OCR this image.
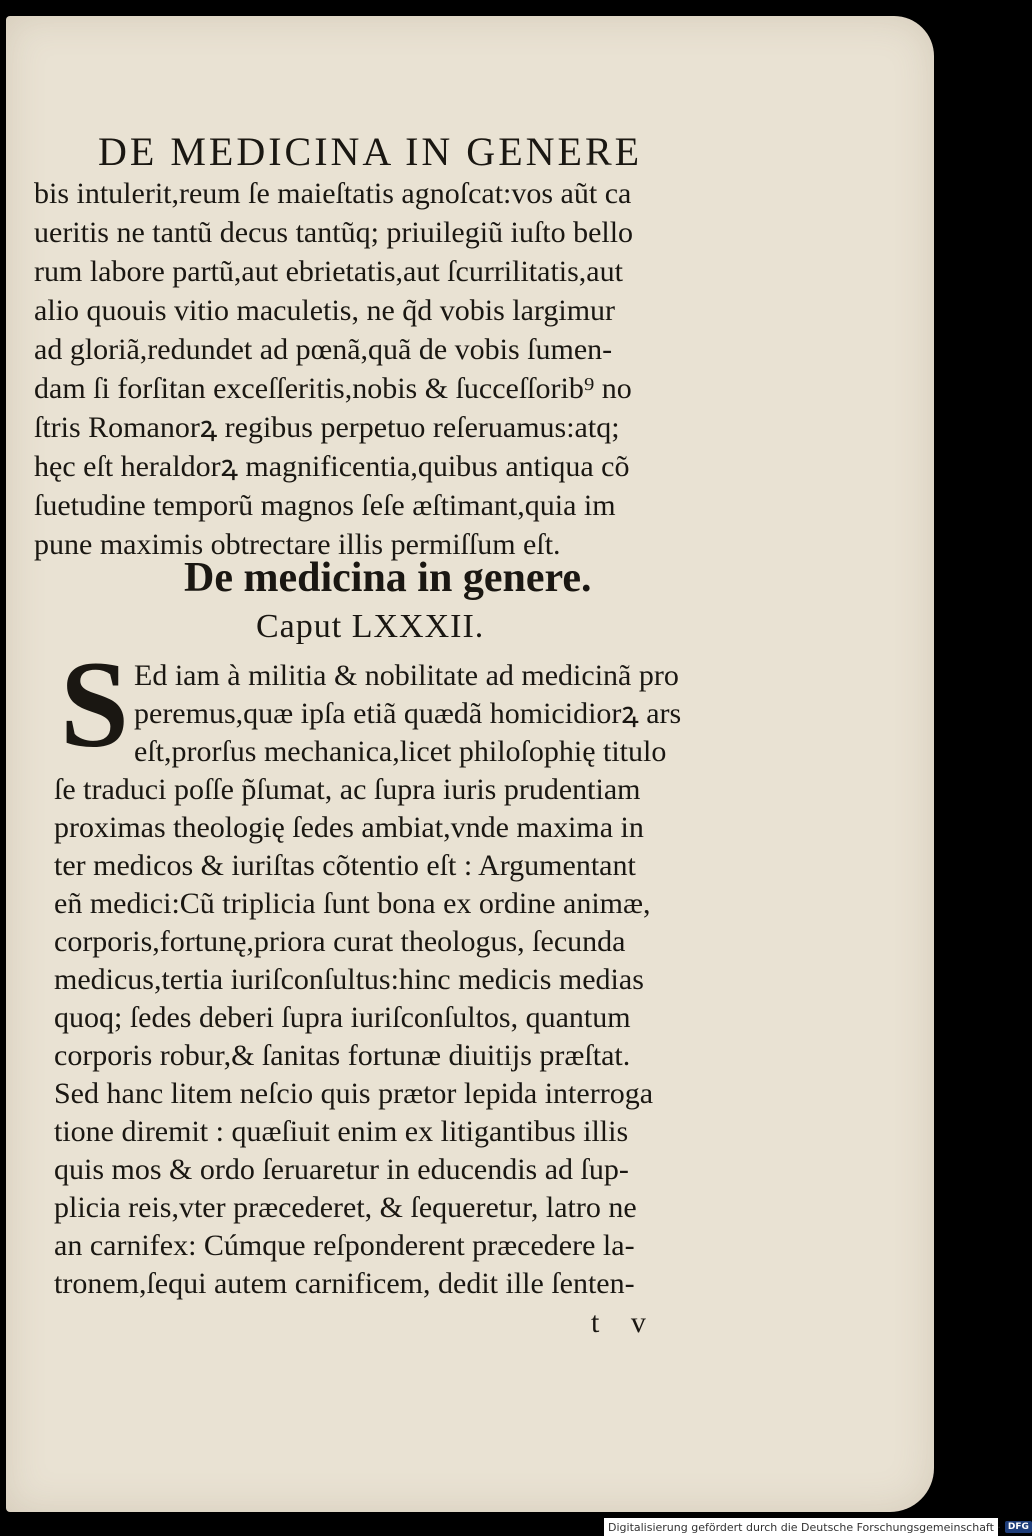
DE MEDICINA IN GENERE
bis intulerit,reum ſe maieſtatis agnoſcat:vos aũt ca
ueritis ne tantũ decus tantũq; priuilegiũ iuſto bello
rum labore partũ,aut ebrietatis,aut ſcurrilitatis,aut
alio quouis vitio maculetis, ne q̃d vobis largimur
ad gloriã,redundet ad pœnã,quã de vobis ſumen-
dam ſi forſitan exceſſeritis,nobis & ſucceſſorib⁹ no
ſtris Romanorꝝ regibus perpetuo reſeruamus:atq;
hęc eſt heraldorꝝ magnificentia,quibus antiqua cõ
ſuetudine temporũ magnos ſeſe æſtimant,quia im
pune maximis obtrectare illis permiſſum eſt.
De medicina in genere.
Caput LXXXII.
S Ed iam à militia & nobilitate ad medicinã pro
peremus,quæ ipſa etiã quædã homicidiorꝝ ars
eſt,prorſus mechanica,licet philoſophię titulo
ſe traduci poſſe p̃ſumat, ac ſupra iuris prudentiam
proximas theologię ſedes ambiat,vnde maxima in
ter medicos & iuriſtas cõtentio eſt : Argumentant
eñ medici:Cũ triplicia ſunt bona ex ordine animæ,
corporis,fortunę,priora curat theologus, ſecunda
medicus,tertia iuriſconſultus:hinc medicis medias
quoq; ſedes deberi ſupra iuriſconſultos, quantum
corporis robur,& ſanitas fortunæ diuitijs præſtat.
Sed hanc litem neſcio quis prætor lepida interroga
tione diremit : quæſiuit enim ex litigantibus illis
quis mos & ordo ſeruaretur in educendis ad ſup-
plicia reis,vter præcederet, & ſequeretur, latro ne
an carnifex: Cúmque reſponderent præcedere la-
tronem,ſequi autem carnificem, dedit ille ſenten-
t v
Digitalisierung gefördert durch die Deutsche Forschungsgemeinschaft · DFG
